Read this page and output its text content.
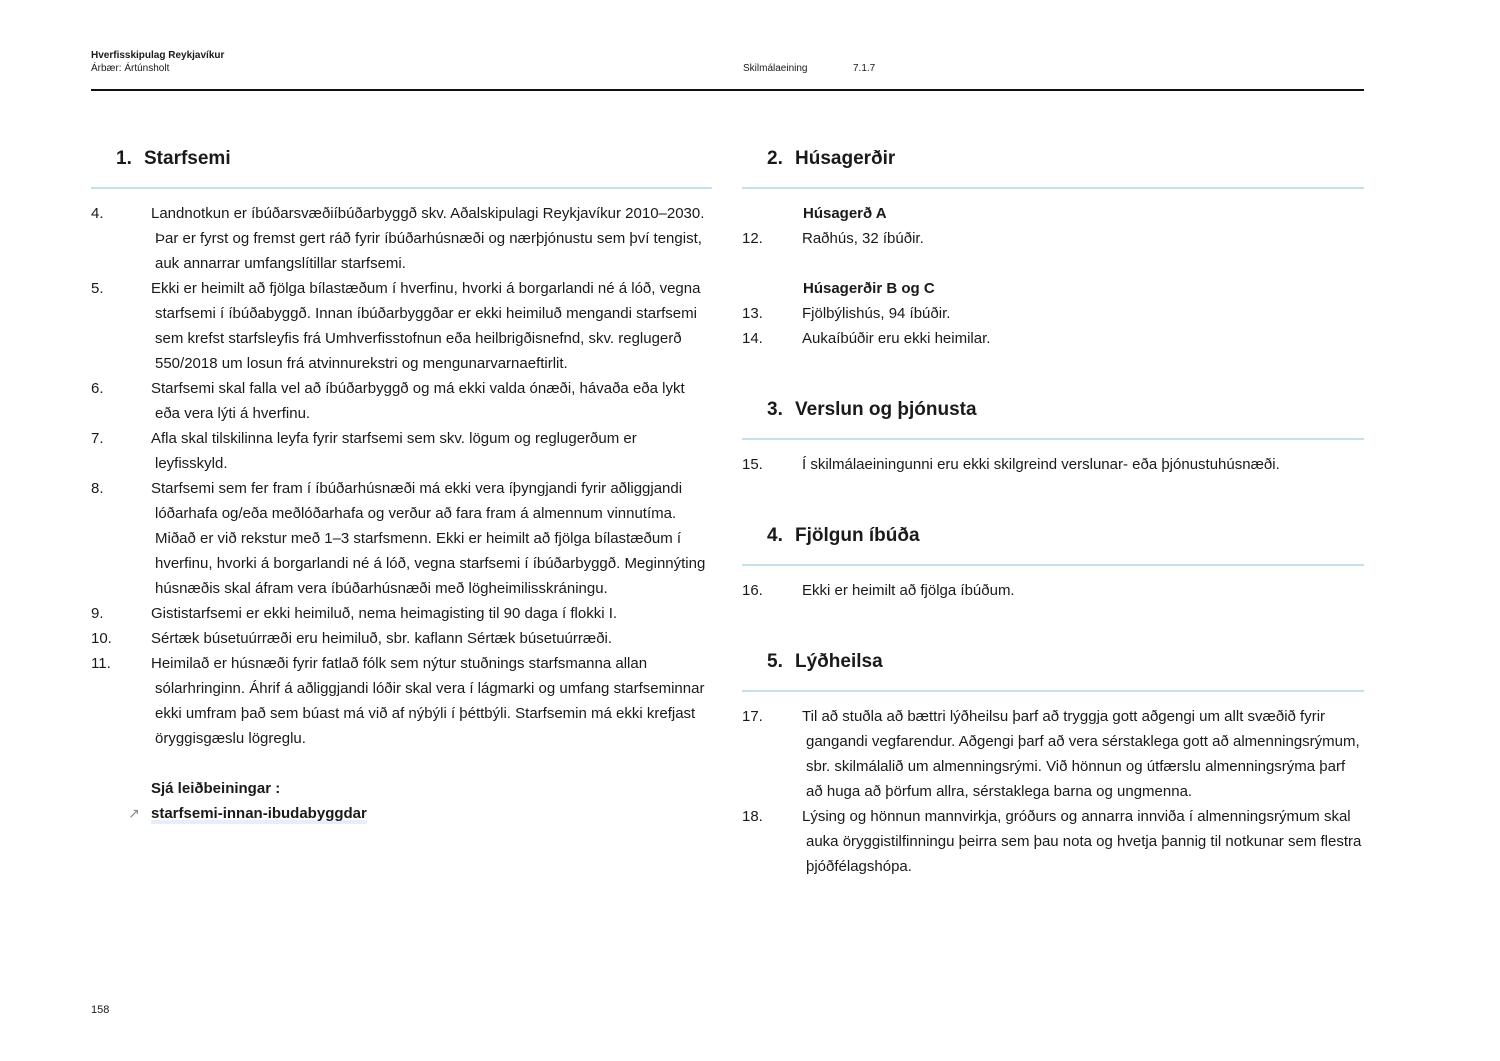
Hverfisskipulag Reykjavíkur
Árbær: Ártúnsholt	Skilmálaeining	7.1.7
1. Starfsemi
4.	Landnotkun er íbúðarsvæðiíbúðarbyggð skv. Aðalskipulagi Reykjavíkur 2010–2030. Þar er fyrst og fremst gert ráð fyrir íbúðarhúsnæði og nærþjónustu sem því tengist, auk annarrar umfangslítillar starfsemi.
5.	Ekki er heimilt að fjölga bílastæðum í hverfinu, hvorki á borgarlandi né á lóð, vegna starfsemi í íbúðabyggð. Innan íbúðarbyggðar er ekki heimiluð mengandi starfsemi sem krefst starfsleyfis frá Umhverfisstofnun eða heilbrigðisnefnd, skv. reglugerð 550/2018 um losun frá atvinnurekstri og mengunarvarnaeftirlit.
6.	Starfsemi skal falla vel að íbúðarbyggð og má ekki valda ónæði, hávaða eða lykt eða vera lýti á hverfinu.
7.	Afla skal tilskilinna leyfa fyrir starfsemi sem skv. lögum og reglugerðum er leyfisskyld.
8.	Starfsemi sem fer fram í íbúðarhúsnæði má ekki vera íþyngjandi fyrir aðliggjandi lóðarhafa og/eða meðlóðarhafa og verður að fara fram á almennum vinnutíma. Miðað er við rekstur með 1–3 starfsmenn. Ekki er heimilt að fjölga bílastæðum í hverfinu, hvorki á borgarlandi né á lóð, vegna starfsemi í íbúðarbyggð. Meginnýting húsnæðis skal áfram vera íbúðarhúsnæði með lögheimilisskráningu.
9.	Gististarfsemi er ekki heimiluð, nema heimagisting til 90 daga í flokki I.
10.	Sértæk búsetuúrræði eru heimiluð, sbr. kaflann Sértæk búsetuúrræði.
11.	Heimilað er húsnæði fyrir fatlað fólk sem nýtur stuðnings starfsmanna allan sólarhringinn. Áhrif á aðliggjandi lóðir skal vera í lágmarki og umfang starfseminnar ekki umfram það sem búast má við af nýbýli í þéttbýli. Starfsemin má ekki krefjast öryggisgæslu lögreglu.
Sjá leiðbeiningar :
↗ starfsemi-innan-ibudabyggdar
2. Húsagerðir
Húsagerð A
12.	Raðhús, 32 íbúðir.
Húsagerðir B og C
13.	Fjölbýlishús, 94 íbúðir.
14.	Aukaíbúðir eru ekki heimilar.
3. Verslun og þjónusta
15.	Í skilmálaeiningunni eru ekki skilgreind verslunar- eða þjónustuhúsnæði.
4. Fjölgun íbúða
16.	Ekki er heimilt að fjölga íbúðum.
5. Lýðheilsa
17.	Til að stuðla að bættri lýðheilsu þarf að tryggja gott aðgengi um allt svæðið fyrir gangandi vegfarendur. Aðgengi þarf að vera sérstaklega gott að almenningsrýmum, sbr. skilmálalið um almenningsrými. Við hönnun og útfærslu almenningsrýma þarf að huga að þörfum allra, sérstaklega barna og ungmenna.
18.	Lýsing og hönnun mannvirkja, gróðurs og annarra innviða í almenningsrýmum skal auka öryggistilfinningu þeirra sem þau nota og hvetja þannig til notkunar sem flestra þjóðfélagshópa.
158
